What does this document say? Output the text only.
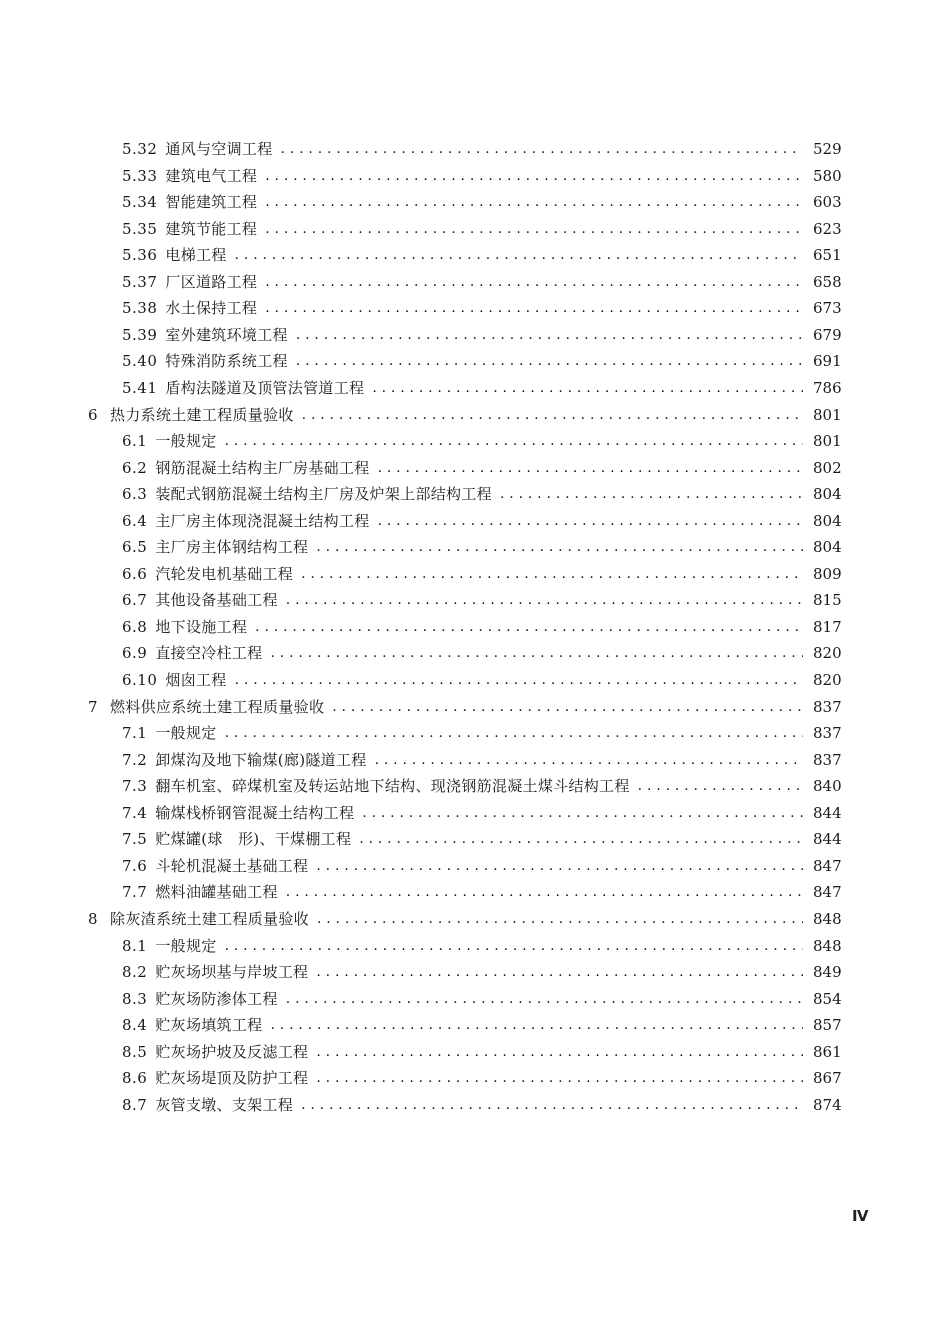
5.32 通风与空调工程 . . .	529
5.33 建筑电气工程 . . .	580
5.34 智能建筑工程 . . .	603
5.35 建筑节能工程 . . .	623
5.36 电梯工程 . . .	651
5.37 厂区道路工程 . . .	658
5.38 水土保持工程 . . .	673
5.39 室外建筑环境工程 . . .	679
5.40 特殊消防系统工程 . . .	691
5.41 盾构法隧道及顶管法管道工程 . . .	786
6 热力系统土建工程质量验收 . . .	801
6.1 一般规定 . . .	801
6.2 钢筋混凝土结构主厂房基础工程 . . .	802
6.3 装配式钢筋混凝土结构主厂房及炉架上部结构工程 . . .	804
6.4 主厂房主体现浇混凝土结构工程 . . .	804
6.5 主厂房主体钢结构工程 . . .	804
6.6 汽轮发电机基础工程 . . .	809
6.7 其他设备基础工程 . . .	815
6.8 地下设施工程 . . .	817
6.9 直接空冷柱工程 . . .	820
6.10 烟囱工程 . . .	820
7 燃料供应系统土建工程质量验收 . . .	837
7.1 一般规定 . . .	837
7.2 卸煤沟及地下输煤(廊)隧道工程 . . .	837
7.3 翻车机室、碎煤机室及转运站地下结构、现浇钢筋混凝土煤斗结构工程 . . .	840
7.4 输煤栈桥钢管混凝土结构工程 . . .	844
7.5 贮煤罐(球　形)、干煤棚工程 . . .	844
7.6 斗轮机混凝土基础工程 . . .	847
7.7 燃料油罐基础工程 . . .	847
8 除灰渣系统土建工程质量验收 . . .	848
8.1 一般规定 . . .	848
8.2 贮灰场坝基与岸坡工程 . . .	849
8.3 贮灰场防渗体工程 . . .	854
8.4 贮灰场填筑工程 . . .	857
8.5 贮灰场护坡及反滤工程 . . .	861
8.6 贮灰场堤顶及防护工程 . . .	867
8.7 灰管支墩、支架工程 . . .	874
Ⅳ
